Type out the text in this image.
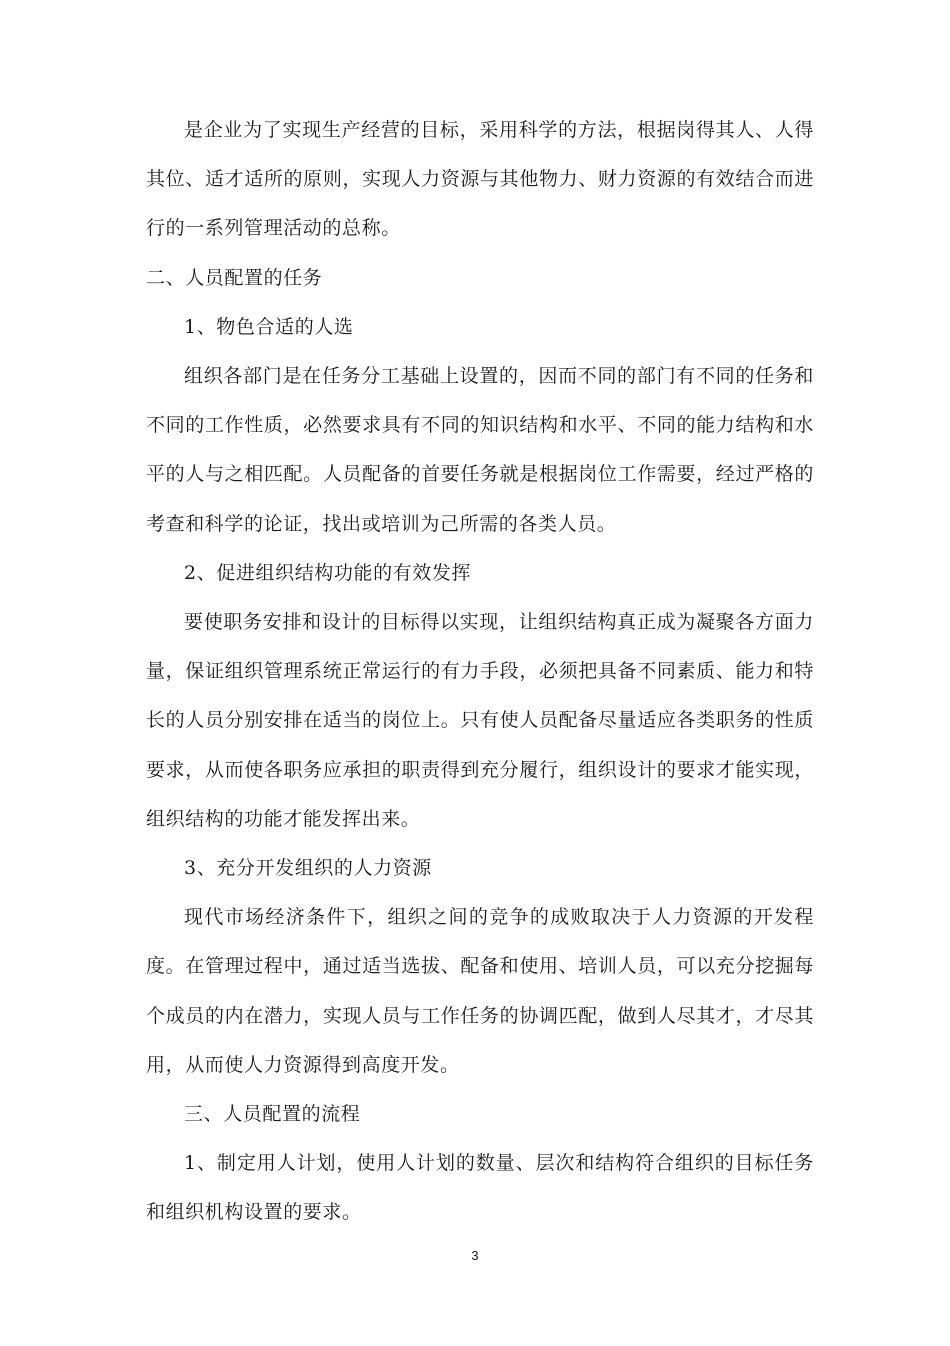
是企业为了实现生产经营的目标，采用科学的方法，根据岗得其人、人得其位、适才适所的原则，实现人力资源与其他物力、财力资源的有效结合而进行的一系列管理活动的总称。

二、人员配置的任务

1、物色合适的人选

组织各部门是在任务分工基础上设置的，因而不同的部门有不同的任务和不同的工作性质，必然要求具有不同的知识结构和水平、不同的能力结构和水平的人与之相匹配。人员配备的首要任务就是根据岗位工作需要，经过严格的考查和科学的论证，找出或培训为己所需的各类人员。

2、促进组织结构功能的有效发挥

要使职务安排和设计的目标得以实现，让组织结构真正成为凝聚各方面力量，保证组织管理系统正常运行的有力手段，必须把具备不同素质、能力和特长的人员分别安排在适当的岗位上。只有使人员配备尽量适应各类职务的性质要求，从而使各职务应承担的职责得到充分履行，组织设计的要求才能实现，组织结构的功能才能发挥出来。

3、充分开发组织的人力资源

现代市场经济条件下，组织之间的竞争的成败取决于人力资源的开发程度。在管理过程中，通过适当选拔、配备和使用、培训人员，可以充分挖掘每个成员的内在潜力，实现人员与工作任务的协调匹配，做到人尽其才，才尽其用，从而使人力资源得到高度开发。

三、人员配置的流程

1、制定用人计划，使用人计划的数量、层次和结构符合组织的目标任务和组织机构设置的要求。

3
